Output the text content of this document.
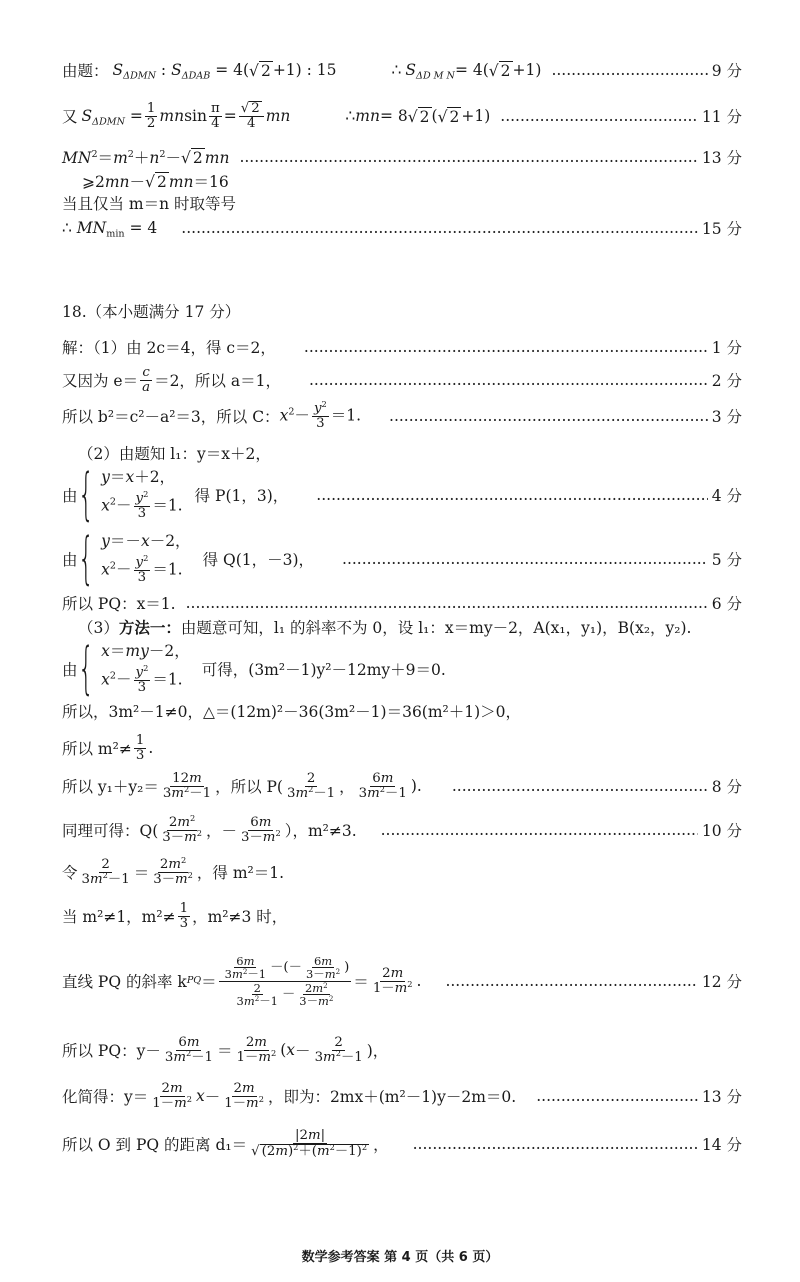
由题： $S_{\Delta DMN}$ : $S_{\Delta DAB} = 4$( √ 2 +1) : 15	∴ $S_{\Delta D M N} = 4$( √ 2 +1) .....	9 分
又 $S_{\Delta DMN} = \frac{1}{2}$ mn $\sin \frac{\pi}{4} = \frac{√ 2}{4}$ mn	∴ mn = 8 √ 2 ( √ 2 +1) .....	11 分
$MN^2=m^2+n^2-$ √ 2 mn .....	13 分
⩾2mn－ √ 2 mn＝16
当且仅当 m＝n 时取等号
∴ $MN_{min} = 4$ .....	15 分
18.（本小题满分 17 分）
解：（1）由 2c＝4，得 c＝2， .....	1 分
又因为 $e= \frac{c}{a} =2$，所以 a＝1， .....	2 分
所以 b²＝c²－a²＝3，所以 C： $x^2- \frac{y^2}{3} =1$. .....	3 分
（2）由题知 l₁：y＝x＋2，
由 { y＝x＋2，
$x^2- \frac{y^2}{3} =1$.
得 P(1，3)， .....	4 分
由 { y＝－x－2，
$x^2- \frac{y^2}{3} =1$.
得 Q(1，－3)， .....	5 分
所以 PQ：x＝1. .....	6 分
（3） 方法一： 由题意可知，l₁ 的斜率不为 0，设 l₁：x＝my－2，A(x₁，y₁)，B(x₂，y₂).
由 { x＝my－2，
$x^2- \frac{y^2}{3} =1$.
可得，(3m²－1)y²－12my＋9＝0.
所以，3m²－1≠0，△＝(12m)²－36(3m²－1)＝36(m²＋1)＞0，
所以 $m^2\ne \frac{1}{3}$ .
所以 $y_1+y_2= \frac{12m}{3m^2-1}$ ，所以 $P( \frac{2}{3m^2-1}$ ， $\frac{6m}{3m^2-1}$ ). .....	8 分
同理可得：$Q( \frac{2m^2}{3-m^2}$ ，－ $\frac{6m}{3-m^2}$ ），m²≠3. .....	10 分
令 $\frac{2}{3m^2-1} = \frac{2m^2}{3-m^2}$ ，得 m²＝1.
当 m²≠1，$m^2\ne \frac{1}{3}$ ，m²≠3 时，
直线 PQ 的斜率 k PQ ＝ $\frac{\frac{6m}{3m^2-1} -(- \frac{6m}{3-m^2} )}{\frac{2}{3m^2-1} - \frac{2m^2}{3-m^2}} = \frac{2m}{1-m^2}$ . .....	12 分
所以 PQ：$y- \frac{6m}{3m^2-1} = \frac{2m}{1-m^2}$ ( $x - \frac{2}{3m^2-1}$ )，
化简得：$y= \frac{2m}{1-m^2}$ $x - \frac{2m}{1-m^2}$ ，即为：2mx＋(m²－1)y－2m＝0. .....	13 分
所以 O 到 PQ 的距离 $d_1= \frac{|2m|}{√ (2m)^2+(m^2-1)^2}$ ， .....	14 分
数学参考答案 第 4 页（共 6 页）
